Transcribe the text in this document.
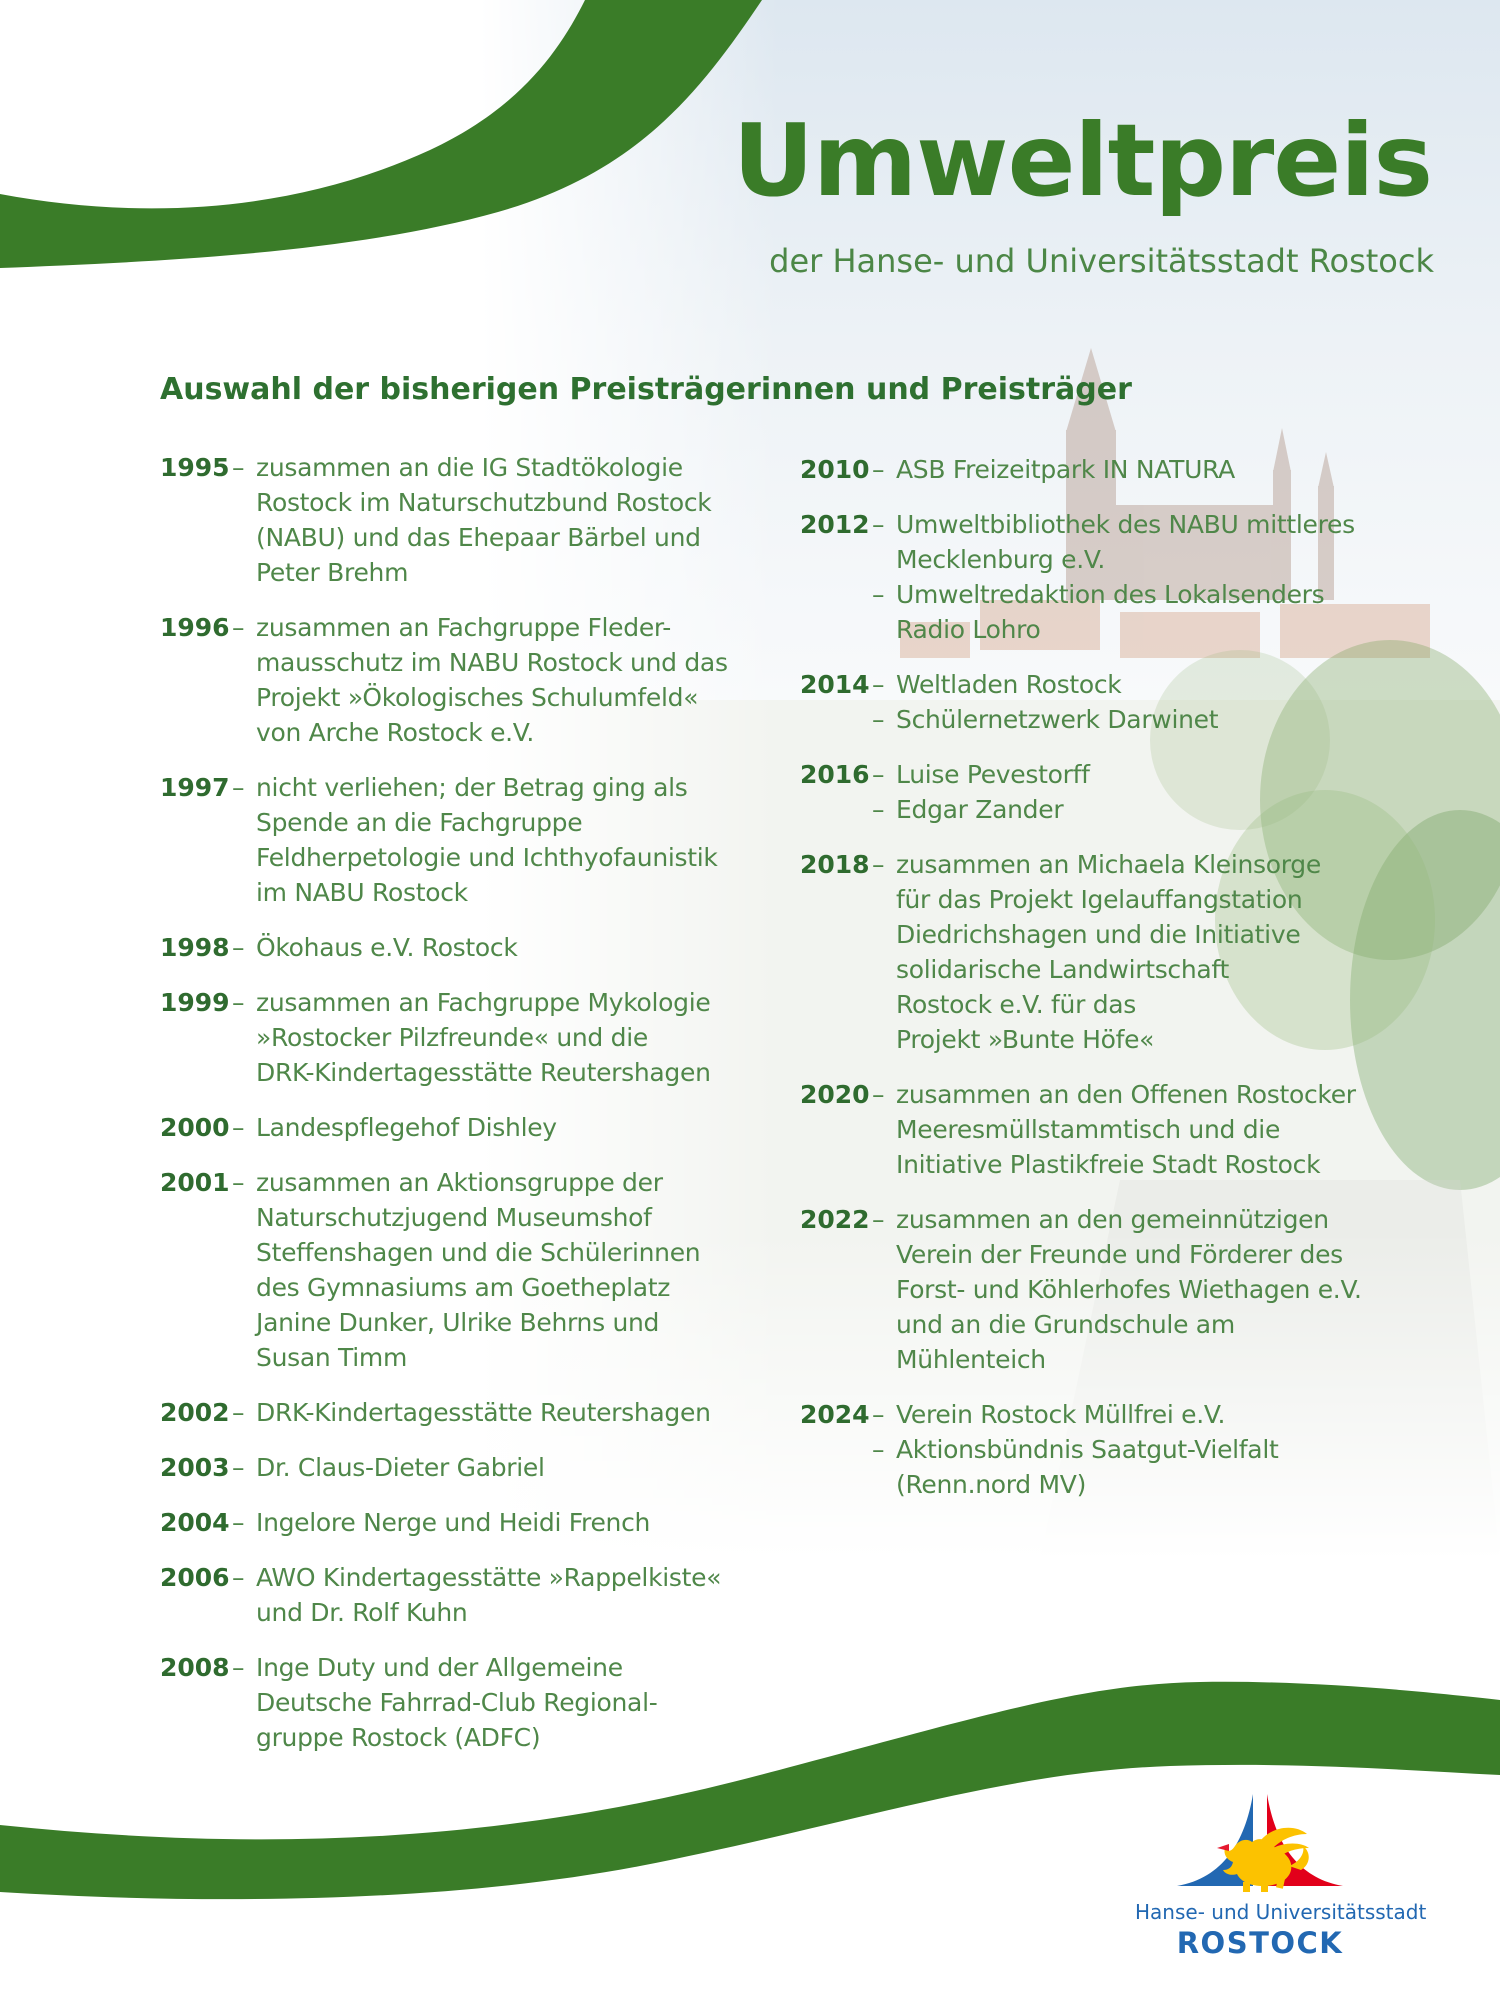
Umweltpreis

der Hanse- und Universitätsstadt Rostock

Auswahl der bisherigen Preisträgerinnen und Preisträger
1995 – zusammen an die IG Stadtökologie
Rostock im Naturschutzbund Rostock
(NABU) und das Ehepaar Bärbel und
Peter Brehm
1996 – zusammen an Fachgruppe Fleder-
mausschutz im NABU Rostock und das
Projekt »Ökologisches Schulumfeld«
von Arche Rostock e.V.
1997 – nicht verliehen; der Betrag ging als
Spende an die Fachgruppe
Feldherpetologie und Ichthyofaunistik
im NABU Rostock
1998 – Ökohaus e.V. Rostock
1999 – zusammen an Fachgruppe Mykologie
»Rostocker Pilzfreunde« und die
DRK-Kindertagesstätte Reutershagen
2000 – Landespflegehof Dishley
2001 – zusammen an Aktionsgruppe der
Naturschutzjugend Museumshof
Steffenshagen und die Schülerinnen
des Gymnasiums am Goetheplatz
Janine Dunker, Ulrike Behrns und
Susan Timm
2002 – DRK-Kindertagesstätte Reutershagen
2003 – Dr. Claus-Dieter Gabriel
2004 – Ingelore Nerge und Heidi French
2006 – AWO Kindertagesstätte »Rappelkiste«
und Dr. Rolf Kuhn
2008 – Inge Duty und der Allgemeine
Deutsche Fahrrad-Club Regional-
gruppe Rostock (ADFC)
2010 – ASB Freizeitpark IN NATURA
2012 – Umweltbibliothek des NABU mittleres
Mecklenburg e.V.
– Umweltredaktion des Lokalsenders
Radio Lohro
2014 – Weltladen Rostock
– Schülernetzwerk Darwinet
2016 – Luise Pevestorff
– Edgar Zander
2018 – zusammen an Michaela Kleinsorge
für das Projekt Igelauffangstation
Diedrichshagen und die Initiative
solidarische Landwirtschaft
Rostock e.V. für das
Projekt »Bunte Höfe«
2020 – zusammen an den Offenen Rostocker
Meeresmüllstammtisch und die
Initiative Plastikfreie Stadt Rostock
2022 – zusammen an den gemeinnützigen
Verein der Freunde und Förderer des
Forst- und Köhlerhofes Wiethagen e.V.
und an die Grundschule am
Mühlenteich
2024 – Verein Rostock Müllfrei e.V.
– Aktionsbündnis Saatgut-Vielfalt
(Renn.nord MV)
Hanse- und Universitätsstadt
ROSTOCK
